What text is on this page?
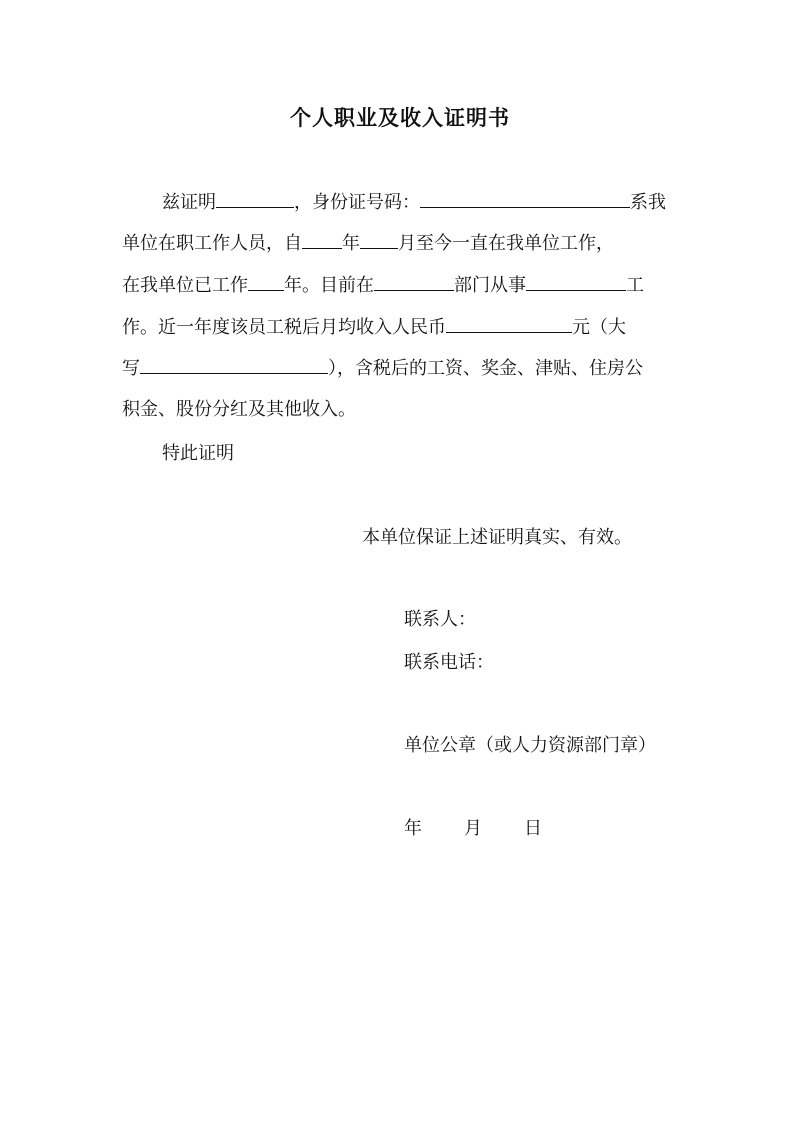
个人职业及收入证明书
兹证明	，身份证号码：	系我
单位在职工作人员，自 年 月至今一直在我单位工作，
在我单位已工作 年。目前在	部门从事	工
作。近一年度该员工税后月均收入人民币	元（大
写	），含税后的工资、奖金、津贴、住房公
积金、股份分红及其他收入。
特此证明
本单位保证上述证明真实、有效。
联系人：
联系电话：
单位公章（或人力资源部门章）
年 月 日
